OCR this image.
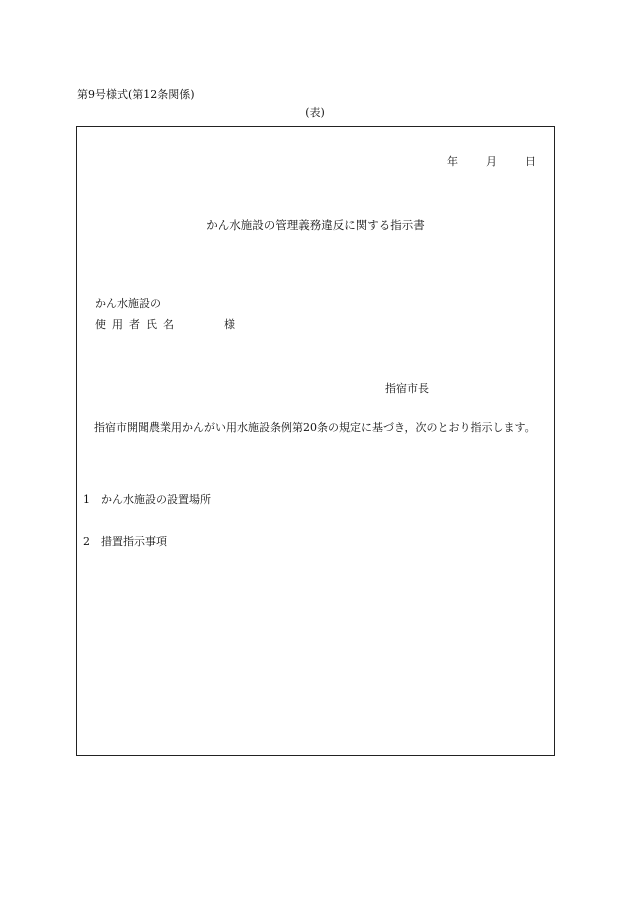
第9号様式(第12条関係)
(表)
年	月	日
かん水施設の管理義務違反に関する指示書
かん水施設の
使用者氏名	様
指宿市長
指宿市開聞農業用かんがい用水施設条例第20条の規定に基づき，次のとおり指示します。
1 かん水施設の設置場所
2 措置指示事項
